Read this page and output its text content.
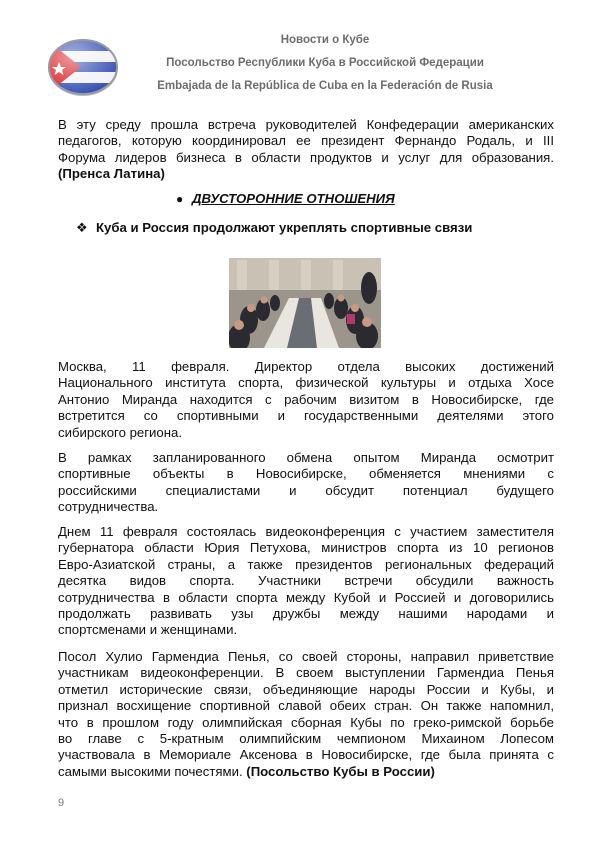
Новости о Кубе
Посольство Республики Куба в Российской Федерации
Embajada de la República de Cuba en la Federación de Rusia
В эту среду прошла встреча руководителей Конфедерации американских
педагогов, которую координировал ее президент Фернандо Родаль, и III
Форума лидеров бизнеса в области продуктов и услуг для образования.
(Пренса Латина)
● ДВУСТОРОННИЕ ОТНОШЕНИЯ
❖ Куба и Россия продолжают укреплять спортивные связи
Москва, 11 февраля. Директор отдела высоких достижений
Национального института спорта, физической культуры и отдыха Хосе
Антонио Миранда находится с рабочим визитом в Новосибирске, где
встретится со спортивными и государственными деятелями этого
сибирского региона.
В рамках запланированного обмена опытом Миранда осмотрит
спортивные объекты в Новосибирске, обменяется мнениями с
российскими специалистами и обсудит потенциал будущего
сотрудничества.
Днем 11 февраля состоялась видеоконференция с участием заместителя
губернатора области Юрия Петухова, министров спорта из 10 регионов
Евро-Азиатской страны, а также президентов региональных федераций
десятка видов спорта. Участники встречи обсудили важность
сотрудничества в области спорта между Кубой и Россией и договорились
продолжать развивать узы дружбы между нашими народами и
спортсменами и женщинами.
Посол Хулио Гармендиа Пенья, со своей стороны, направил приветствие
участникам видеоконференции. В своем выступлении Гармендиа Пенья
отметил исторические связи, объединяющие народы России и Кубы, и
признал восхищение спортивной славой обеих стран. Он также напомнил,
что в прошлом году олимпийская сборная Кубы по греко-римской борьбе
во главе с 5-кратным олимпийским чемпионом Михаином Лопесом
участвовала в Мемориале Аксенова в Новосибирске, где была принята с
самыми высокими почестями. (Посольство Кубы в России)
9
